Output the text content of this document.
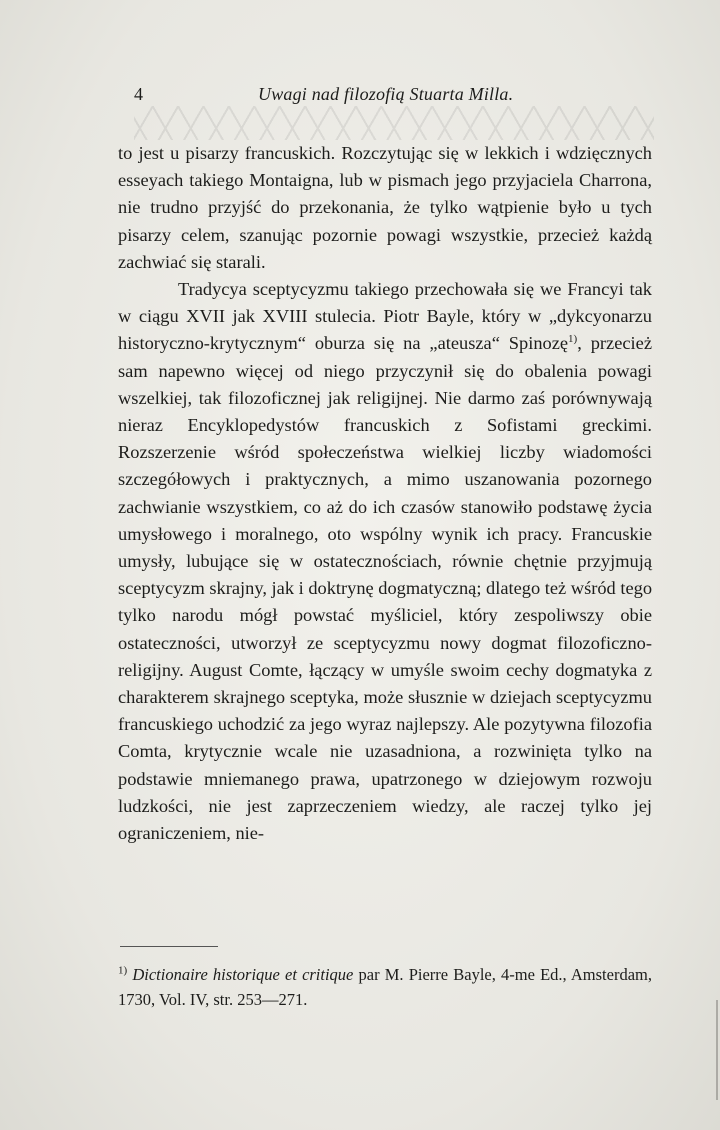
4	Uwagi nad filozofią Stuarta Milla.

to jest u pisarzy francuskich. Rozczytując się w lekkich i wdzięcznych esseyach takiego Montaigna, lub w pismach jego przyjaciela Charrona, nie trudno przyjść do przekonania, że tylko wątpienie było u tych pisarzy celem, szanując pozornie powagi wszystkie, przecież każdą zachwiać się starali.

Tradycya sceptycyzmu takiego przechowała się we Francyi tak w ciągu XVII jak XVIII stulecia. Piotr Bayle, który w „dykcyonarzu historyczno-krytycznym“ oburza się na „ateusza“ Spinozę$^{1)}$, przecież sam napewno więcej od niego przyczynił się do obalenia powagi wszelkiej, tak filozoficznej jak religijnej. Nie darmo zaś porównywają nieraz Encyklopedystów francuskich z Sofistami greckimi. Rozszerzenie wśród społeczeństwa wielkiej liczby wiadomości szczegółowych i praktycznych, a mimo uszanowania pozornego zachwianie wszystkiem, co aż do ich czasów stanowiło podstawę życia umysłowego i moralnego, oto wspólny wynik ich pracy. Francuskie umysły, lubujące się w ostatecznościach, równie chętnie przyjmują sceptycyzm skrajny, jak i doktrynę dogmatyczną; dlatego też wśród tego tylko narodu mógł powstać myśliciel, który zespoliwszy obie ostateczności, utworzył ze sceptycyzmu nowy dogmat filozoficzno-religijny. August Comte, łączący w umyśle swoim cechy dogmatyka z charakterem skrajnego sceptyka, może słusznie w dziejach sceptycyzmu francuskiego uchodzić za jego wyraz najlepszy. Ale pozytywna filozofia Comta, krytycznie wcale nie uzasadniona, a rozwinięta tylko na podstawie mniemanego prawa, upatrzonego w dziejowym rozwoju ludzkości, nie jest zaprzeczeniem wiedzy, ale raczej tylko jej ograniczeniem, nie-

$^{1)}$ Dictionaire historique et critique par M. Pierre Bayle, 4-me Ed., Amsterdam, 1730, Vol. IV, str. 253—271.
